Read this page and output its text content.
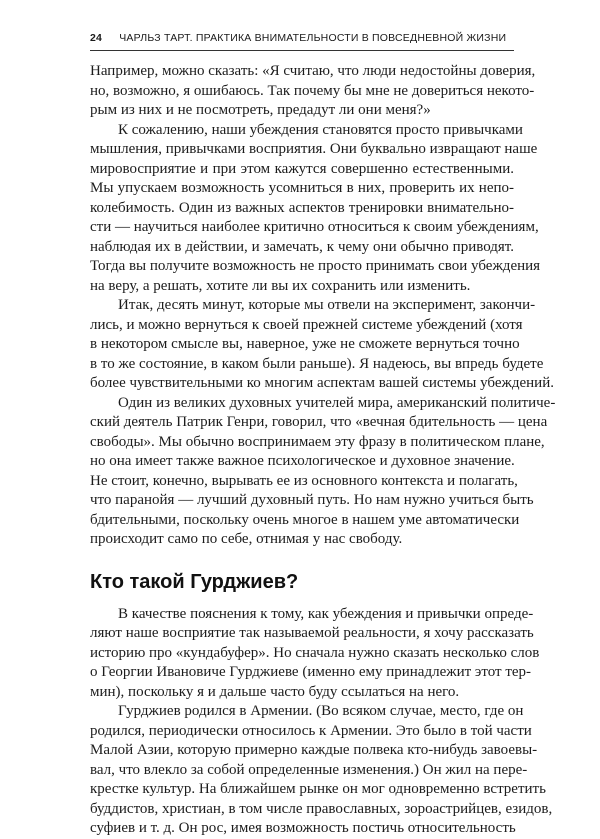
24 ЧАРЛЬЗ ТАРТ. ПРАКТИКА ВНИМАТЕЛЬНОСТИ В ПОВСЕДНЕВНОЙ ЖИЗНИ
Например, можно сказать: «Я считаю, что люди недостойны доверия,
но, возможно, я ошибаюсь. Так почему бы мне не довериться некото-
рым из них и не посмотреть, предадут ли они меня?»
К сожалению, наши убеждения становятся просто привычками
мышления, привычками восприятия. Они буквально извращают наше
мировосприятие и при этом кажутся совершенно естественными.
Мы упускаем возможность усомниться в них, проверить их непо-
колебимость. Один из важных аспектов тренировки внимательно-
сти — научиться наиболее критично относиться к своим убеждениям,
наблюдая их в действии, и замечать, к чему они обычно приводят.
Тогда вы получите возможность не просто принимать свои убеждения
на веру, а решать, хотите ли вы их сохранить или изменить.
Итак, десять минут, которые мы отвели на эксперимент, закончи-
лись, и можно вернуться к своей прежней системе убеждений (хотя
в некотором смысле вы, наверное, уже не сможете вернуться точно
в то же состояние, в каком были раньше). Я надеюсь, вы впредь будете
более чувствительными ко многим аспектам вашей системы убеждений.
Один из великих духовных учителей мира, американский политиче-
ский деятель Патрик Генри, говорил, что «вечная бдительность — цена
свободы». Мы обычно воспринимаем эту фразу в политическом плане,
но она имеет также важное психологическое и духовное значение.
Не стоит, конечно, вырывать ее из основного контекста и полагать,
что паранойя — лучший духовный путь. Но нам нужно учиться быть
бдительными, поскольку очень многое в нашем уме автоматически
происходит само по себе, отнимая у нас свободу.
Кто такой Гурджиев?
В качестве пояснения к тому, как убеждения и привычки опреде-
ляют наше восприятие так называемой реальности, я хочу рассказать
историю про «кундабуфер». Но сначала нужно сказать несколько слов
о Георгии Ивановиче Гурджиеве (именно ему принадлежит этот тер-
мин), поскольку я и дальше часто буду ссылаться на него.
Гурджиев родился в Армении. (Во всяком случае, место, где он
родился, периодически относилось к Армении. Это было в той части
Малой Азии, которую примерно каждые полвека кто-нибудь завоевы-
вал, что влекло за собой определенные изменения.) Он жил на пере-
крестке культур. На ближайшем рынке он мог одновременно встретить
буддистов, христиан, в том числе православных, зороастрийцев, езидов,
суфиев и т. д. Он рос, имея возможность постичь относительность
